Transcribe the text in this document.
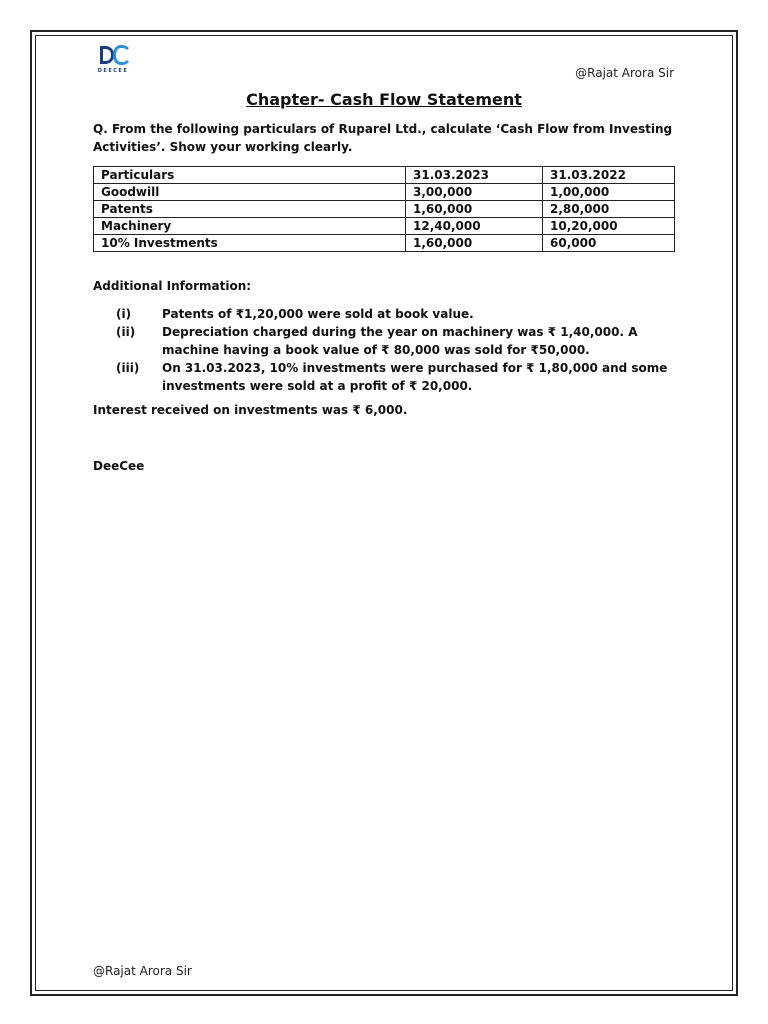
DEECEE	@Rajat Arora Sir
Chapter- Cash Flow Statement
Q. From the following particulars of Ruparel Ltd., calculate ‘Cash Flow from Investing Activities’. Show your working clearly.
Particulars	31.03.2023	31.03.2022
Goodwill	3,00,000	1,00,000
Patents	1,60,000	2,80,000
Machinery	12,40,000	10,20,000
10% Investments	1,60,000	60,000
Additional Information:
(i)	Patents of ₹1,20,000 were sold at book value.
(ii)	Depreciation charged during the year on machinery was ₹ 1,40,000. A machine having a book value of ₹ 80,000 was sold for ₹50,000.
(iii)	On 31.03.2023, 10% investments were purchased for ₹ 1,80,000 and some investments were sold at a profit of ₹ 20,000.
Interest received on investments was ₹ 6,000.
DeeCee
@Rajat Arora Sir
